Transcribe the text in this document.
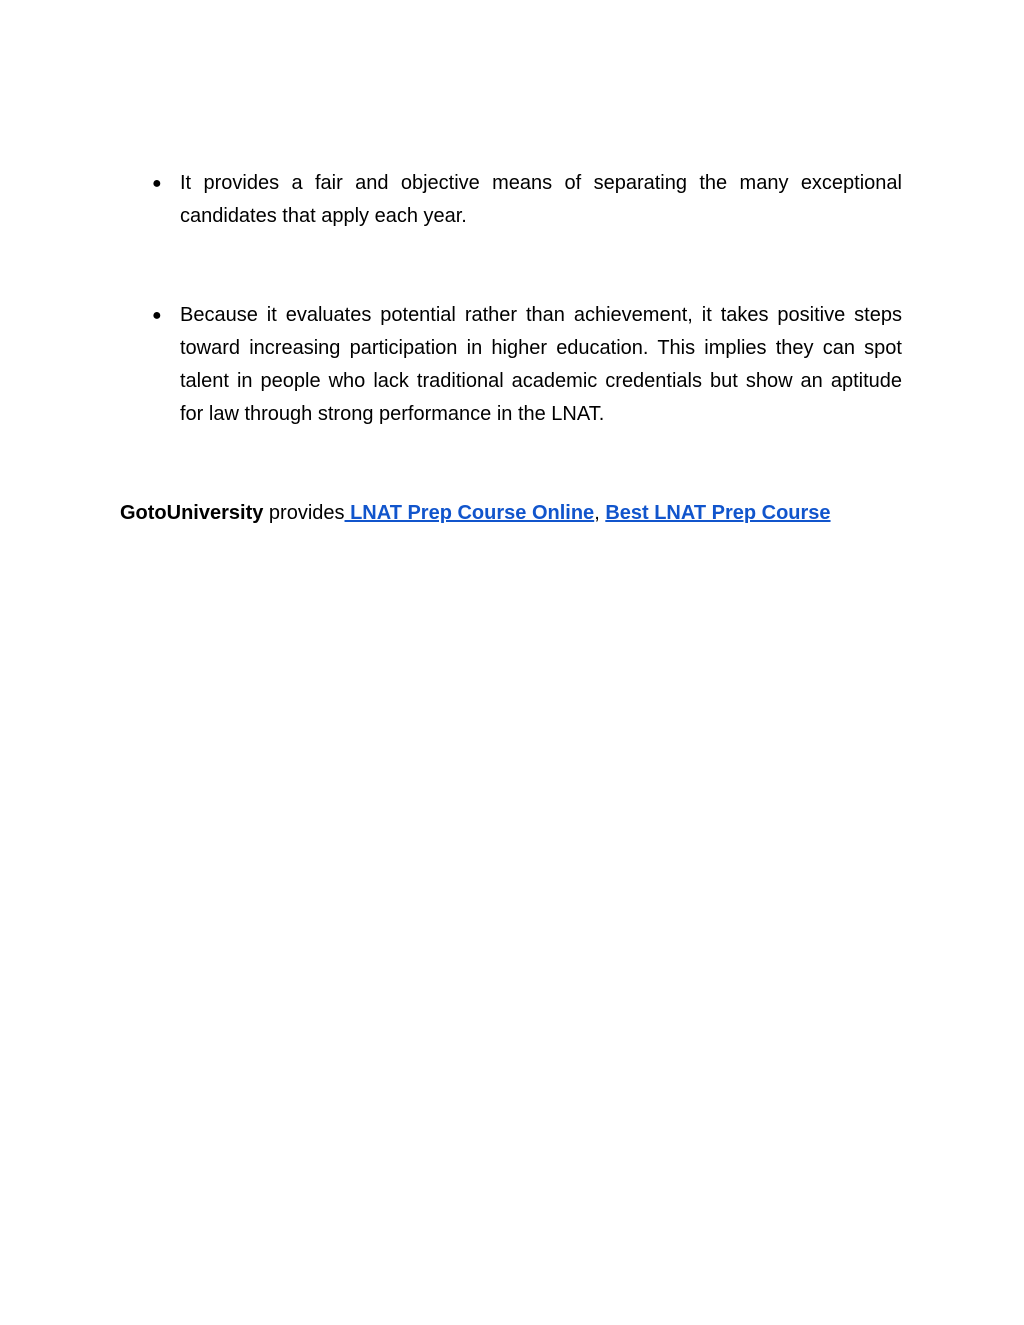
● It provides a fair and objective means of separating the many exceptional candidates that apply each year.
● Because it evaluates potential rather than achievement, it takes positive steps toward increasing participation in higher education. This implies they can spot talent in people who lack traditional academic credentials but show an aptitude for law through strong performance in the LNAT.
GotoUniversity provides LNAT Prep Course Online, Best LNAT Prep Course
